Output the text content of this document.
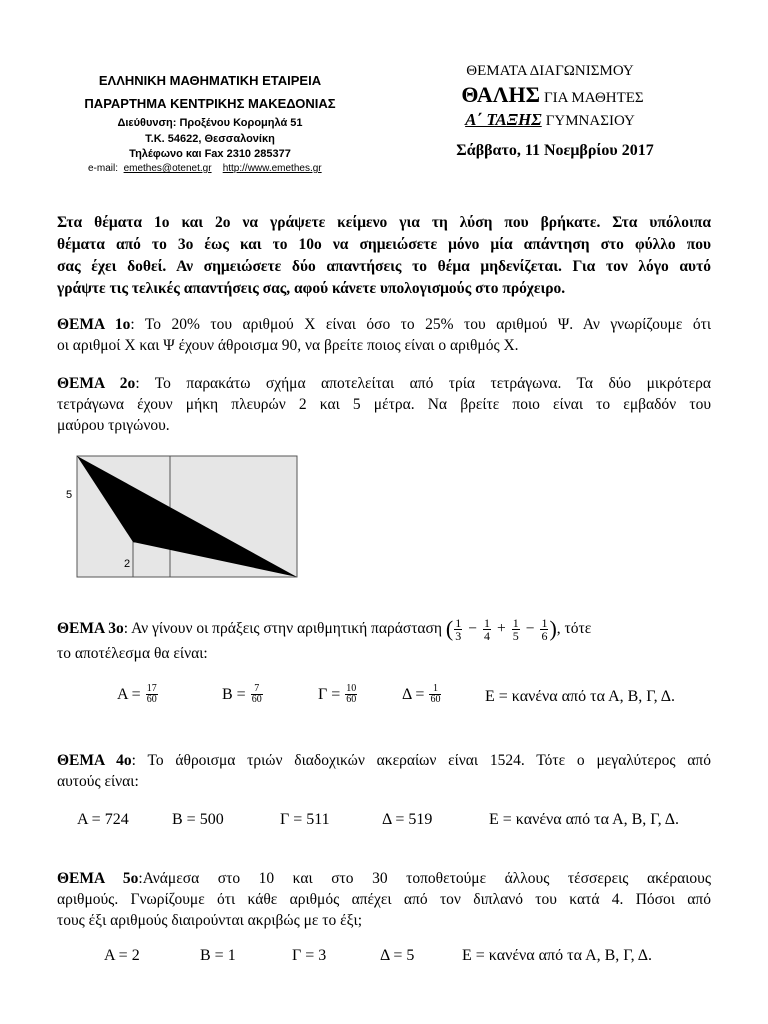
ΕΛΛΗΝΙΚΗ ΜΑΘΗΜΑΤΙΚΗ ΕΤΑΙΡΕΙΑ
ΠΑΡΑΡΤΗΜΑ ΚΕΝΤΡΙΚΗΣ ΜΑΚΕΔΟΝΙΑΣ
Διεύθυνση: Προξένου Κορομηλά 51
Τ.Κ. 54622, Θεσσαλονίκη
Τηλέφωνο και Fax 2310 285377
e-mail: emethes@otenet.gr http://www.emethes.gr
ΘΕΜΑΤΑ ΔΙΑΓΩΝΙΣΜΟΥ
ΘΑΛΗΣ ΓΙΑ ΜΑΘΗΤΕΣ
Α΄ ΤΑΞΗΣ ΓΥΜΝΑΣΙΟΥ
Σάββατο, 11 Νοεμβρίου 2017
Στα θέματα 1ο και 2ο να γράψετε κείμενο για τη λύση που βρήκατε. Στα υπόλοιπα
θέματα από το 3ο έως και το 10ο να σημειώσετε μόνο μία απάντηση στο φύλλο που
σας έχει δοθεί. Αν σημειώσετε δύο απαντήσεις το θέμα μηδενίζεται. Για τον λόγο αυτό
γράψτε τις τελικές απαντήσεις σας, αφού κάνετε υπολογισμούς στο πρόχειρο.
ΘΕΜΑ 1ο: Το 20% του αριθμού Χ είναι όσο το 25% του αριθμού Ψ. Αν γνωρίζουμε ότι
οι αριθμοί Χ και Ψ έχουν άθροισμα 90, να βρείτε ποιος είναι ο αριθμός Χ.
ΘΕΜΑ 2ο: Το παρακάτω σχήμα αποτελείται από τρία τετράγωνα. Τα δύο μικρότερα
τετράγωνα έχουν μήκη πλευρών 2 και 5 μέτρα. Να βρείτε ποιο είναι το εμβαδόν του
μαύρου τριγώνου.
5
2
ΘΕΜΑ 3ο : Αν γίνουν οι πράξεις στην αριθμητική παράσταση
( 1
$3 - \frac{1}{4} + \frac{1}{5} - \frac{1}{6}$ ) , τότε
το αποτέλεσμα θα είναι:
Α =
$\frac{17}{60}$	Β =
$\frac{7}{60}$	Γ =
$\frac{10}{60}$	Δ =
$\frac{1}{60}$	Ε = κανένα από τα Α, Β, Γ, Δ.
ΘΕΜΑ 4ο: Το άθροισμα τριών διαδοχικών ακεραίων είναι 1524. Τότε ο μεγαλύτερος από
αυτούς είναι:
Α = 724	Β = 500	Γ = 511	Δ = 519	Ε = κανένα από τα Α, Β, Γ, Δ.
ΘΕΜΑ 5ο:Ανάμεσα στο 10 και στο 30 τοποθετούμε άλλους τέσσερεις ακέραιους
αριθμούς. Γνωρίζουμε ότι κάθε αριθμός απέχει από τον διπλανό του κατά 4. Πόσοι από
τους έξι αριθμούς διαιρούνται ακριβώς με το έξι;
Α = 2	Β = 1	Γ = 3	Δ = 5	Ε = κανένα από τα Α, Β, Γ, Δ.
